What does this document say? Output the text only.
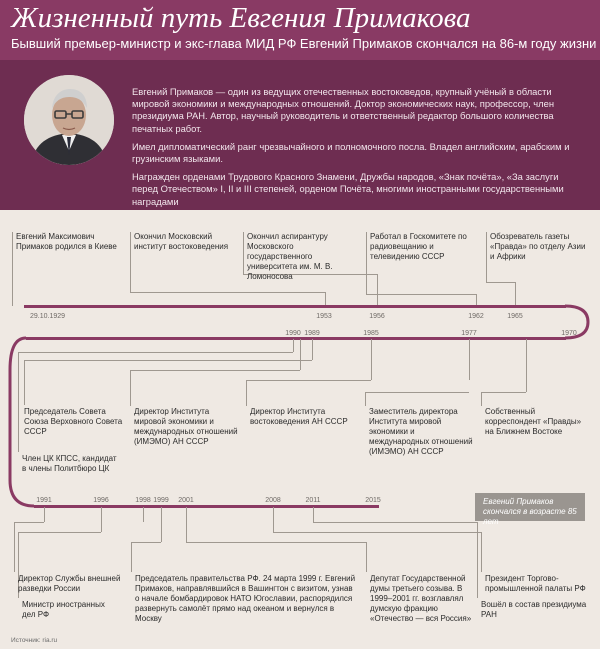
Жизненный путь Евгения Примакова
Бывший премьер-министр и экс-глава МИД РФ Евгений Примаков скончался на 86-м году жизни

Евгений Примаков — один из ведущих отечественных востоковедов, крупный учёный в области мировой экономики и международных отношений. Доктор экономических наук, профессор, член президиума РАН. Автор, научный руководитель и ответственный редактор большого количества печатных работ.

Имел дипломатический ранг чрезвычайного и полномочного посла. Владел английским, арабским и грузинским языками.

Награжден орденами Трудового Красного Знамени, Дружбы народов, «Знак почёта», «За заслуги перед Отечеством» I, II и III степеней, орденом Почёта, многими иностранными государственными наградами

29.10.1929	1953	1956	1962	1965
Евгений Максимович Примаков родился в Киеве
Окончил Московский институт востоковедения
Окончил аспирантуру Московского государственного университета им. М. В. Ломоносова
Работал в Госкомитете по радиовещанию и телевидению СССР
Обозреватель газеты «Правда» по отделу Азии и Африки
1990 1989	1985	1977	1970
Председатель Совета Союза Верховного Совета СССР
Член ЦК КПСС, кандидат в члены Политбюро ЦК
Директор Института мировой экономики и международных отношений (ИМЭМО) АН СССР
Директор Института востоковедения АН СССР
Заместитель директора Института мировой экономики и международных отношений (ИМЭМО) АН СССР
Собственный корреспондент «Правды» на Ближнем Востоке
1991	1996	1998 1999 2001	2008	2011	2015	Евгений Примаков скончался в возрасте 85 лет
Директор Службы внешней разведки России
Министр иностранных дел РФ
Председатель правительства РФ. 24 марта 1999 г. Евгений Примаков, направлявшийся в Вашингтон с визитом, узнав о начале бомбардировок НАТО Югославии, распорядился развернуть самолёт прямо над океаном и вернулся в Москву
Депутат Государственной думы третьего созыва. В 1999–2001 гг. возглавлял думскую фракцию «Отечество — вся Россия»
Президент Торгово-промышленной палаты РФ
Вошёл в состав президиума РАН
Источник: ria.ru
